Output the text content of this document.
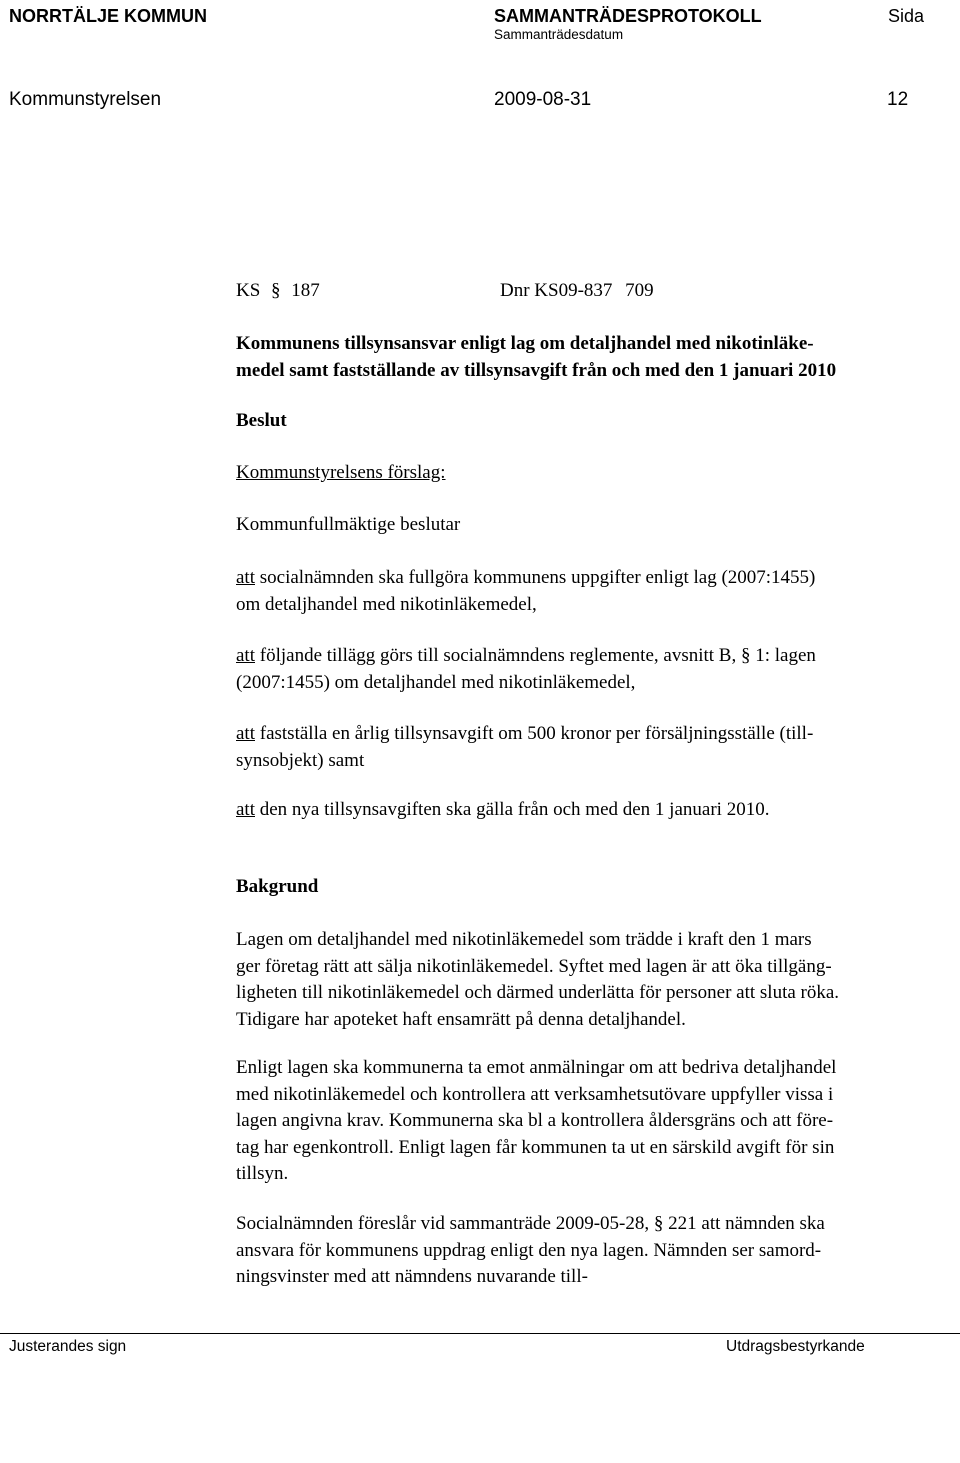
NORRTÄLJE KOMMUN	SAMMANTRÄDESPROTOKOLL
Sammanträdesdatum
Sida
Kommunstyrelsen	2009-08-31	12
KS § 187	Dnr KS09-837 709
Kommunens tillsynsansvar enligt lag om detaljhandel med nikotinläke-
medel samt fastställande av tillsynsavgift från och med den 1 januari 2010
Beslut
Kommunstyrelsens förslag:
Kommunfullmäktige beslutar
att socialnämnden ska fullgöra kommunens uppgifter enligt lag (2007:1455)
om detaljhandel med nikotinläkemedel,
att följande tillägg görs till socialnämndens reglemente, avsnitt B, § 1: lagen
(2007:1455) om detaljhandel med nikotinläkemedel,
att fastställa en årlig tillsynsavgift om 500 kronor per försäljningsställe (till-
synsobjekt) samt
att den nya tillsynsavgiften ska gälla från och med den 1 januari 2010.
Bakgrund
Lagen om detaljhandel med nikotinläkemedel som trädde i kraft den 1 mars
ger företag rätt att sälja nikotinläkemedel. Syftet med lagen är att öka tillgäng-
ligheten till nikotinläkemedel och därmed underlätta för personer att sluta röka.
Tidigare har apoteket haft ensamrätt på denna detaljhandel.
Enligt lagen ska kommunerna ta emot anmälningar om att bedriva detaljhandel
med nikotinläkemedel och kontrollera att verksamhetsutövare uppfyller vissa i
lagen angivna krav. Kommunerna ska bl a kontrollera åldersgräns och att före-
tag har egenkontroll. Enligt lagen får kommunen ta ut en särskild avgift för sin
tillsyn.
Socialnämnden föreslår vid sammanträde 2009-05-28, § 221 att nämnden ska
ansvara för kommunens uppdrag enligt den nya lagen. Nämnden ser samord-
ningsvinster med att nämndens nuvarande till-
Justerandes sign	Utdragsbestyrkande
